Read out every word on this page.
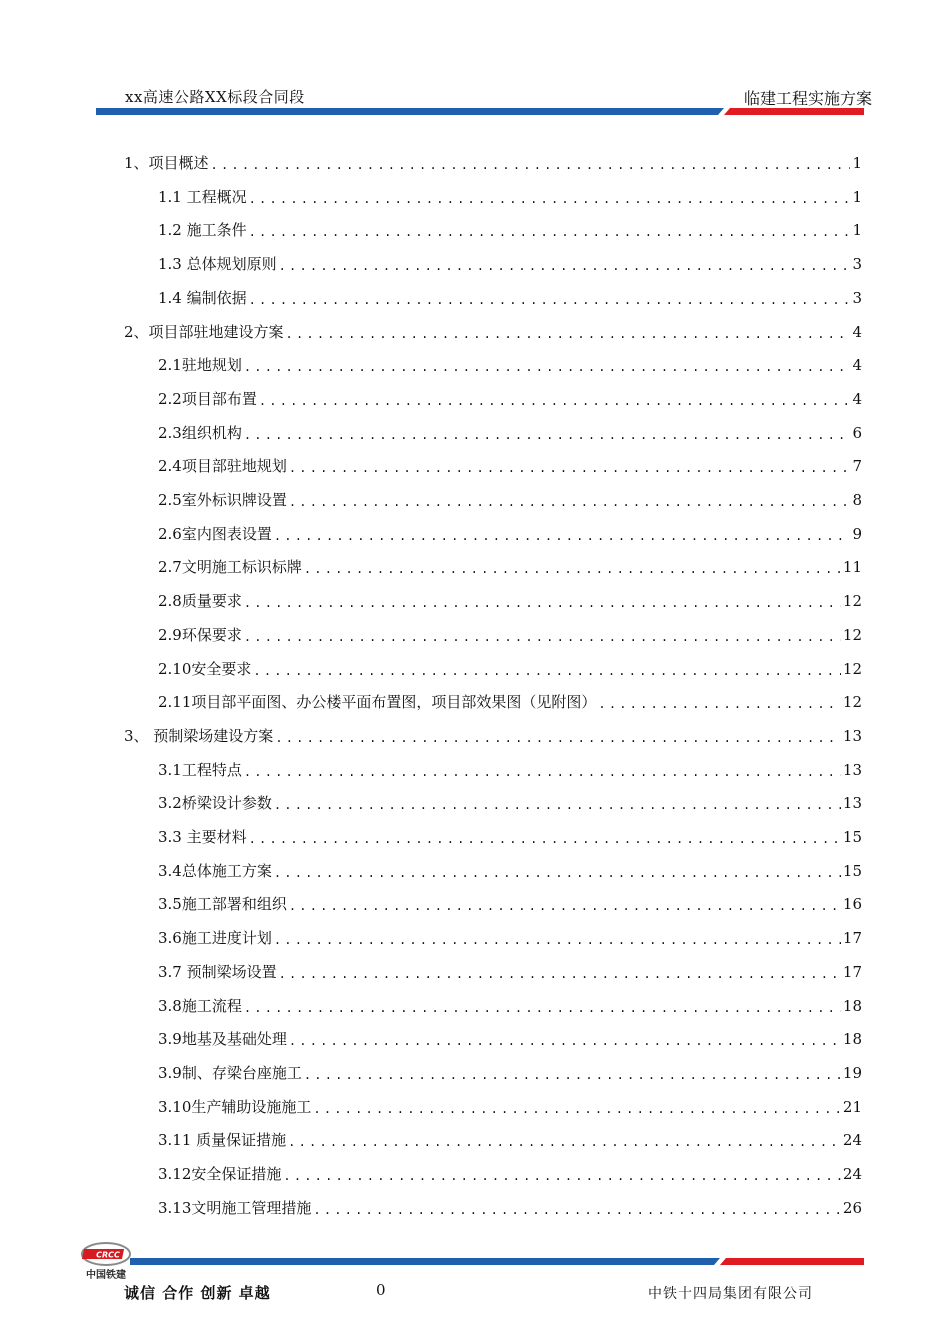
xx高速公路XX标段合同段	临建工程实施方案
1、项目概述 .....	1
1.1 工程概况 .....	1
1.2 施工条件 .....	1
1.3 总体规划原则 .....	3
1.4 编制依据 .....	3
2、项目部驻地建设方案 .....	4
2.1驻地规划 .....	4
2.2项目部布置 .....	4
2.3组织机构 .....	6
2.4项目部驻地规划 .....	7
2.5室外标识牌设置 .....	8
2.6室内图表设置 .....	9
2.7文明施工标识标牌 .....	11
2.8质量要求 .....	12
2.9环保要求 .....	12
2.10安全要求 .....	12
2.11项目部平面图、办公楼平面布置图，项目部效果图（见附图） .....	12
3、 预制梁场建设方案 .....	13
3.1工程特点 .....	13
3.2桥梁设计参数 .....	13
3.3 主要材料 .....	15
3.4总体施工方案 .....	15
3.5施工部署和组织 .....	16
3.6施工进度计划 .....	17
3.7 预制梁场设置 .....	17
3.8施工流程 .....	18
3.9地基及基础处理 .....	18
3.9制、存梁台座施工 .....	19
3.10生产辅助设施施工 .....	21
3.11 质量保证措施 .....	24
3.12安全保证措施 .....	24
3.13文明施工管理措施 .....	26
CRCC
中国铁建
诚信 合作 创新 卓越	0	中铁十四局集团有限公司
